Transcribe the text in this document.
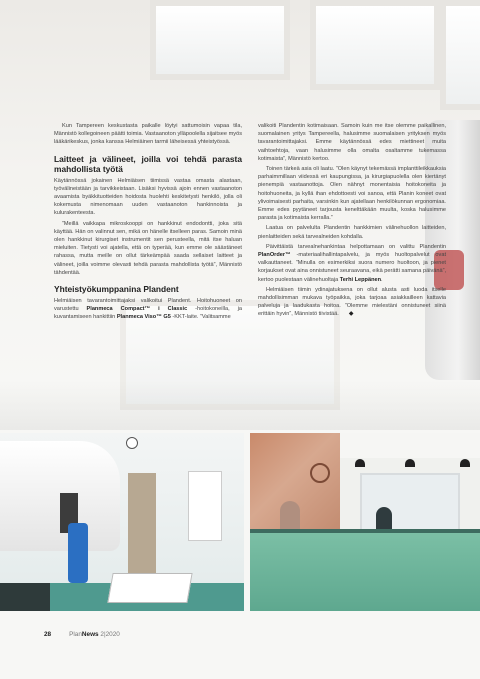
Kun Tampereen keskustasta paikalle löytyi sattumoisin vapaa tila, Männistö kollegoineen päätti toimia. Vastaanoton ylläpoolella sijaitsee myös lääkärikeskus, jonka kanssa Helmiäinen tarmii läheisessä yhteistyössä.

Laitteet ja välineet, joilla voi tehdä parasta mahdollista työtä

Käytännössä jokainen Helmiäisen tiimissä vastaa omasta alastaan, työvälineistään ja tarvikkeistaan. Lisäksi hyvissä ajoin ennen vastaanoton avaamista byäkkituotteiden hoidosta huolehti keskitetysti henkilö, jolla oli kokemusta nimenomaan uuden vastaanoton hankinnoista ja kulurakenteesta.

”Meillä vaikkapa mikroskooppi on hankkinut endodontti, joka sitä käyttää. Hän on valinnut sen, mikä on hänelle itselleen paras. Samoin minä olen hankkinut kirurgiset instrumentit sen perusteella, mitä itse haluan mieluiten. Tietysti voi ajatella, että on typerää, kun emme ole säästäneet rahassa, mutta meille on ollut tärkeämpää saada sellaiset laitteet ja välineet, joilla voimme olevasti tehdä parasta mahdollista työtä”, Männistö tähdentää.

Yhteistyökumppanina Plandent

Helmiäisen tavarantoimittajaksi valikoitui Plandent. Hoitohuoneet on varustettu Planmeca Compact™ i Classic -hoitokoneilla, ja kuvantamiseen hankittiin Planmeca Viso™ G5 -KKT-laite. ”Valitsamme

valikoiti Plandentin kotimaisaan. Samoin kuin me itse olemme paikallinen, suomalainen yritys Tampereella, halusimme suomalaisen yrityksen myös tavarantoimittajaksi. Emme käytännössä edes miettineet muita vaihtoehtoja, vaan halusimme olla omalta osaltamme tukemassa kotimaista”, Männistö kertoo.

Toinen tärkeä asia oli laatu. ”Olen käynyt tekemässä implanttileikkauksia parhaimmillaan viidessä eri kaupungissa, ja kirurgiapuolella olen kiertänyt pienempiä vastaanottoja. Olen nähnyt monentaisia hoitokoneita ja hoitohuoneita, ja kyllä ihan ehdottoesti voi sanoa, että Planin koneet ovat ylivoimaisesti parhaita, varsinkin kun ajatellaan henkilökunnan ergonomiaa. Emme edes pyytäneet tarjousta kenelttäkään muulta, koska halusimme parasta ja kotimaista kerralla.”

Laatua on palvelulta Plandentin hankkimien välinehuollon laitteiden, pienlaitteiden sekä tarvealneiden kohdalla.

Päivittäistä tarvealnehankintaa helpottamaan on valittu Plandentin PlanOrder™ -materiaalihallintapalvelu, ja myös huoltopalvelut ovat valkauttaneet. ”Minulla on esimerkiksi suora numero huoltoon, ja pienet korjaukset ovat aina onnistuneet seuraavana, eikä perätti samana päivänä”, kertoo puolestaan välinehuoltaja Terhi Leppänen.

Helmiäisen tiimin ydinajatuksena on ollut alusta asti luoda itselle mahdollisimman mukava työpaikka, joka tarjoaa asiakkailleen kattavia palveluja ja laadukasta hoitoa. ”Olemme mielestäni onnistuneet siinä erittäin hyvin”, Männistö tiivistää. ◆

28	PlanNews 2|2020
